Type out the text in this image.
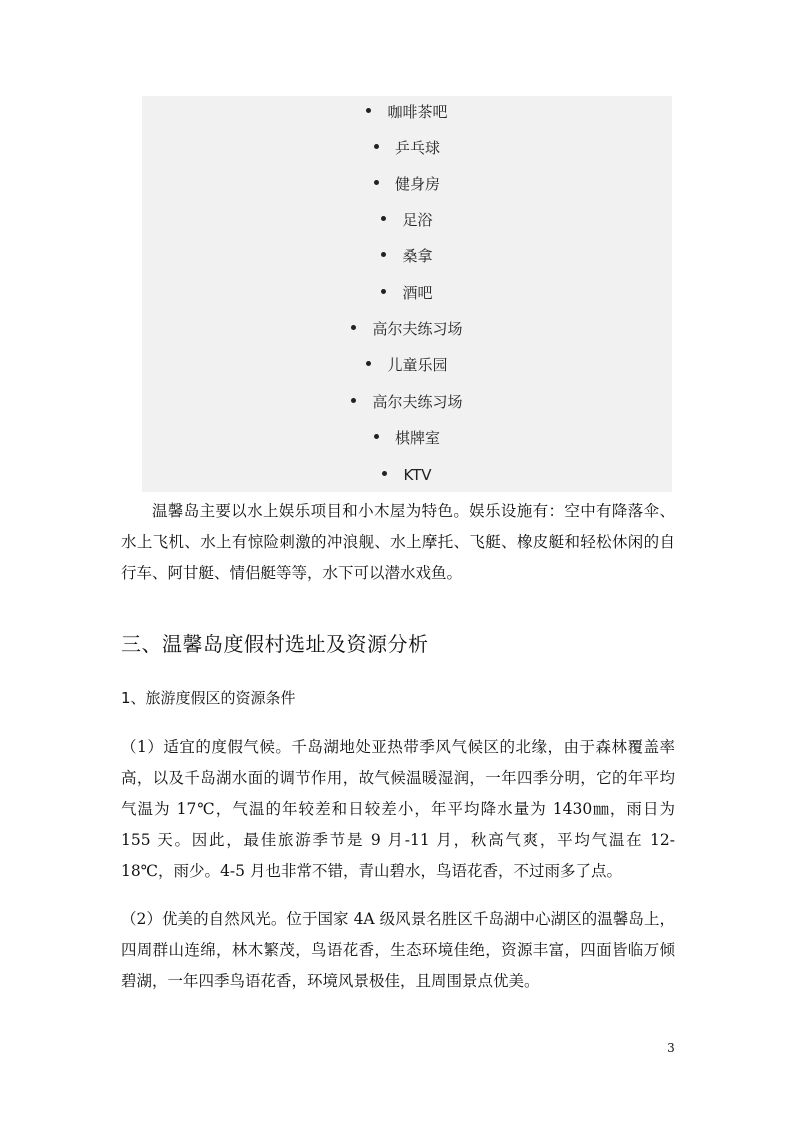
咖啡茶吧
乒乓球
健身房
足浴
桑拿
酒吧
高尔夫练习场
儿童乐园
高尔夫练习场
棋牌室
KTV

温馨岛主要以水上娱乐项目和小木屋为特色。娱乐设施有：空中有降落伞、水上飞机、水上有惊险刺激的冲浪舰、水上摩托、飞艇、橡皮艇和轻松休闲的自行车、阿甘艇、情侣艇等等，水下可以潜水戏鱼。

三、温馨岛度假村选址及资源分析

1、旅游度假区的资源条件

（1）适宜的度假气候。千岛湖地处亚热带季风气候区的北缘，由于森林覆盖率高，以及千岛湖水面的调节作用，故气候温暖湿润，一年四季分明，它的年平均气温为 17℃，气温的年较差和日较差小，年平均降水量为 1430㎜，雨日为 155 天。因此，最佳旅游季节是 9 月-11 月，秋高气爽，平均气温在 12-18℃，雨少。4-5 月也非常不错，青山碧水，鸟语花香，不过雨多了点。

（2）优美的自然风光。位于国家 4A 级风景名胜区千岛湖中心湖区的温馨岛上，四周群山连绵，林木繁茂，鸟语花香，生态环境佳绝，资源丰富，四面皆临万倾碧湖，一年四季鸟语花香，环境风景极佳，且周围景点优美。

3
